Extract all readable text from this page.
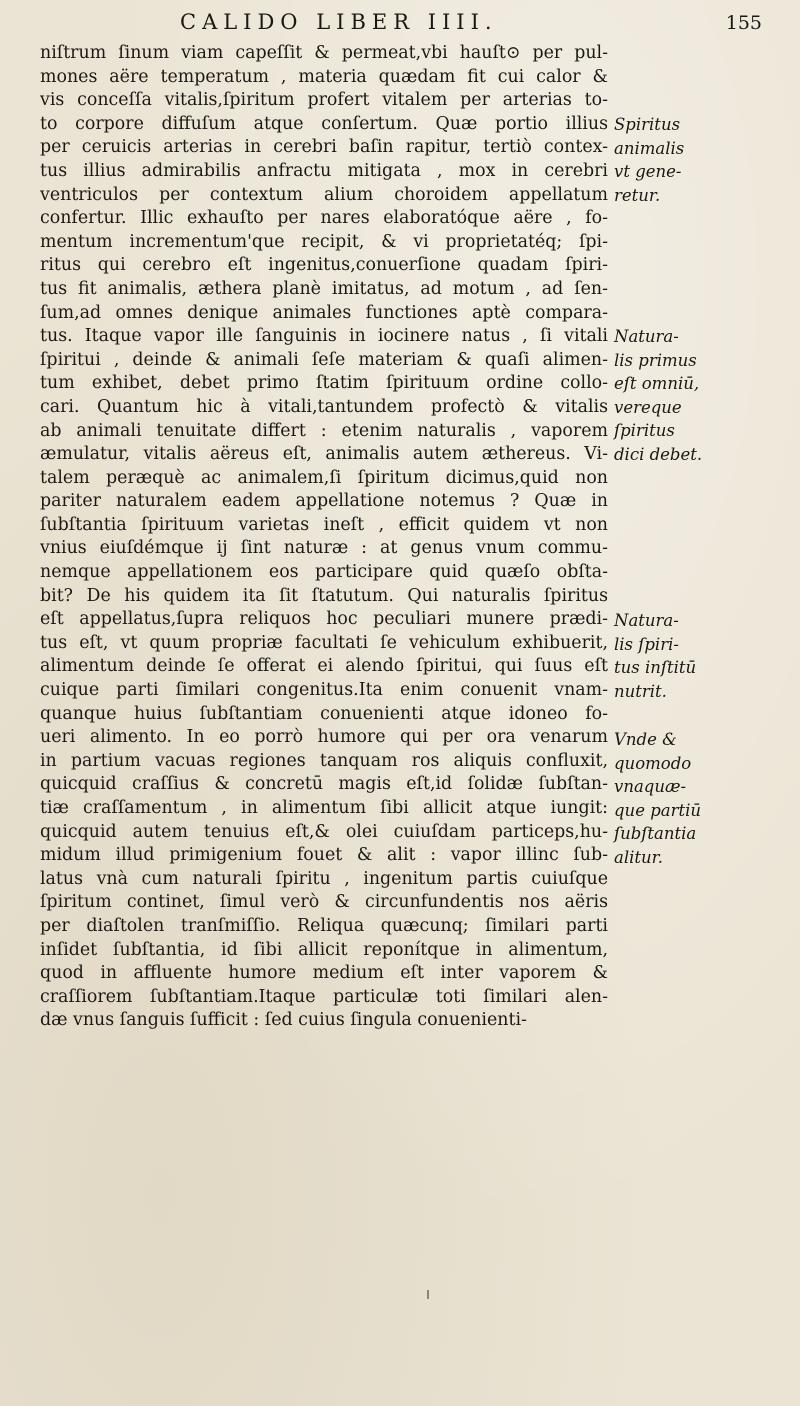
CALIDO LIBER IIII.	155
niſtrum ſinum viam capeſſit & permeat,vbi hauſt⊙ per pul-
mones aëre temperatum , materia quædam fit cui calor &
vis conceſſa vitalis,ſpiritum profert vitalem per arterias to-
to corpore diffuſum atque conſertum. Quæ portio illius
per ceruicis arterias in cerebri baſin rapitur, tertiò contex-
tus illius admirabilis anfractu mitigata , mox in cerebri
ventriculos per contextum alium choroidem appellatum
confertur. Illic exhauſto per nares elaboratóque aëre , fo-
mentum incrementum'que recipit, & vi proprietatéq; ſpi-
ritus qui cerebro eſt ingenitus,conuerſione quadam ſpiri-
tus fit animalis, æthera planè imitatus, ad motum , ad ſen-
ſum,ad omnes denique animales functiones aptè compara-
tus. Itaque vapor ille ſanguinis in iocinere natus , ſi vitali
ſpiritui , deinde & animali ſeſe materiam & quaſi alimen-
tum exhibet, debet primo ſtatim ſpirituum ordine collo-
cari. Quantum hic à vitali,tantundem profectò & vitalis
ab animali tenuitate differt : etenim naturalis , vaporem
æmulatur, vitalis aëreus eſt, animalis autem æthereus. Vi-
talem peræquè ac animalem,ſi ſpiritum dicimus,quid non
pariter naturalem eadem appellatione notemus ? Quæ in
ſubſtantia ſpirituum varietas ineſt , efficit quidem vt non
vnius eiuſdémque ij ſint naturæ : at genus vnum commu-
nemque appellationem eos participare quid quæſo obſta-
bit? De his quidem ita ſit ſtatutum. Qui naturalis ſpiritus
eſt appellatus,ſupra reliquos hoc peculiari munere prædi-
tus eſt, vt quum propriæ facultati ſe vehiculum exhibuerit,
alimentum deinde ſe offerat ei alendo ſpiritui, qui ſuus eſt
cuique parti ſimilari congenitus.Ita enim conuenit vnam-
quanque huius ſubſtantiam conuenienti atque idoneo fo-
ueri alimento. In eo porrò humore qui per ora venarum
in partium vacuas regiones tanquam ros aliquis confluxit,
quicquid craſſius & concretū magis eſt,id ſolidæ ſubſtan-
tiæ craſſamentum , in alimentum ſibi allicit atque iungit:
quicquid autem tenuius eſt,& olei cuiuſdam particeps,hu-
midum illud primigenium fouet & alit : vapor illinc ſub-
latus vnà cum naturali ſpiritu , ingenitum partis cuiuſque
ſpiritum continet, ſimul verò & circunfundentis nos aëris
per diaſtolen tranſmiſſio. Reliqua quæcunq; ſimilari parti
inſidet ſubſtantia, id ſibi allicit reponítque in alimentum,
quod in affluente humore medium eſt inter vaporem &
craſſiorem ſubſtantiam.Itaque particulæ toti ſimilari alen-
dæ vnus ſanguis ſufficit : ſed cuius ſingula conuenienti-
Spiritus
animalis
vt gene-
retur.
Natura-
lis primus
eſt omniū,
vereque
ſpiritus
dici debet.
Natura-
lis ſpiri-
tus inſtitū
nutrit.
Vnde &
quomodo
vnaquæ-
que partiū
ſubſtantia
alitur.
